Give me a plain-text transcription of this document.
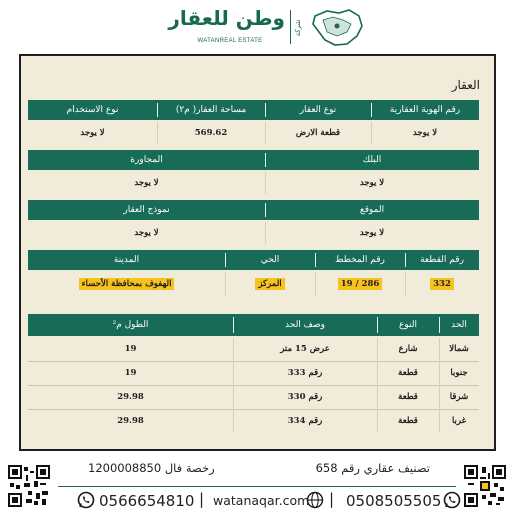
وطن للعقار
WATANREAL ESTATE
شركة
العقار
رقم الهوية العقارية
نوع العقار
مساحة العقار( م٢)
نوع الاستخدام
لا يوجد
قطعة الارض
569.62
لا يوجد
البلك
المجاورة
لا يوجد
لا يوجد
الموقع
نموذج العقار
لا يوجد
لا يوجد
رقم القطعة
رقم المخطط
الحي
المدينة
332
286 / 19
المركز
الهفوف بمحافظة الأحساء
الحد
النوع
وصف الحد
الطول م²
شمالا
شارع
عرض 15 متر
19
جنوبا
قطعة
رقم 333
19
شرقا
قطعة
رقم 330
29.98
غربا
قطعة
رقم 334
29.98
تصنيف عقاري رقم 658
رخصة فال 1200008850
0508505505
|
watanaqar.com
|
0566654810
